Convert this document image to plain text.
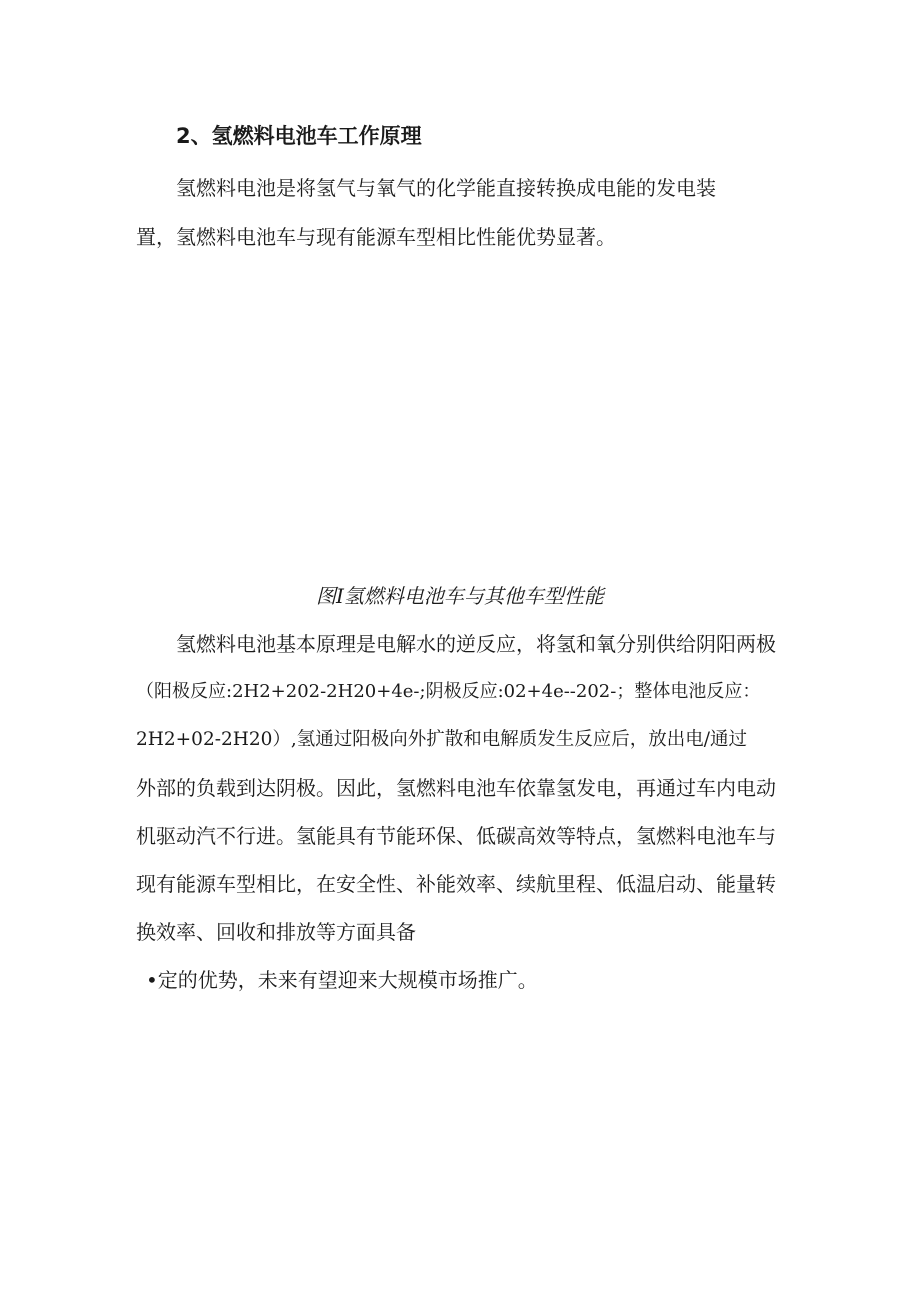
2、氢燃料电池车工作原理
氢燃料电池是将氢气与氧气的化学能直接转换成电能的发电装
置，氢燃料电池车与现有能源车型相比性能优势显著。
图I氢燃料电池车与其他车型性能
氢燃料电池基本原理是电解水的逆反应，将氢和氧分别供给阴阳两极
（阳极反应:2H2+202-2H20+4e-;阴极反应:02+4e--202-；整体电池反应：
2H2+02-2H20）,氢通过阳极向外扩散和电解质发生反应后，放出电/通过
外部的负载到达阴极。因此，氢燃料电池车依靠氢发电，再通过车内电动
机驱动汽不行进。氢能具有节能环保、低碳高效等特点，氢燃料电池车与
现有能源车型相比，在安全性、补能效率、续航里程、低温启动、能量转
换效率、回收和排放等方面具备
•定的优势，未来有望迎来大规模市场推广。
